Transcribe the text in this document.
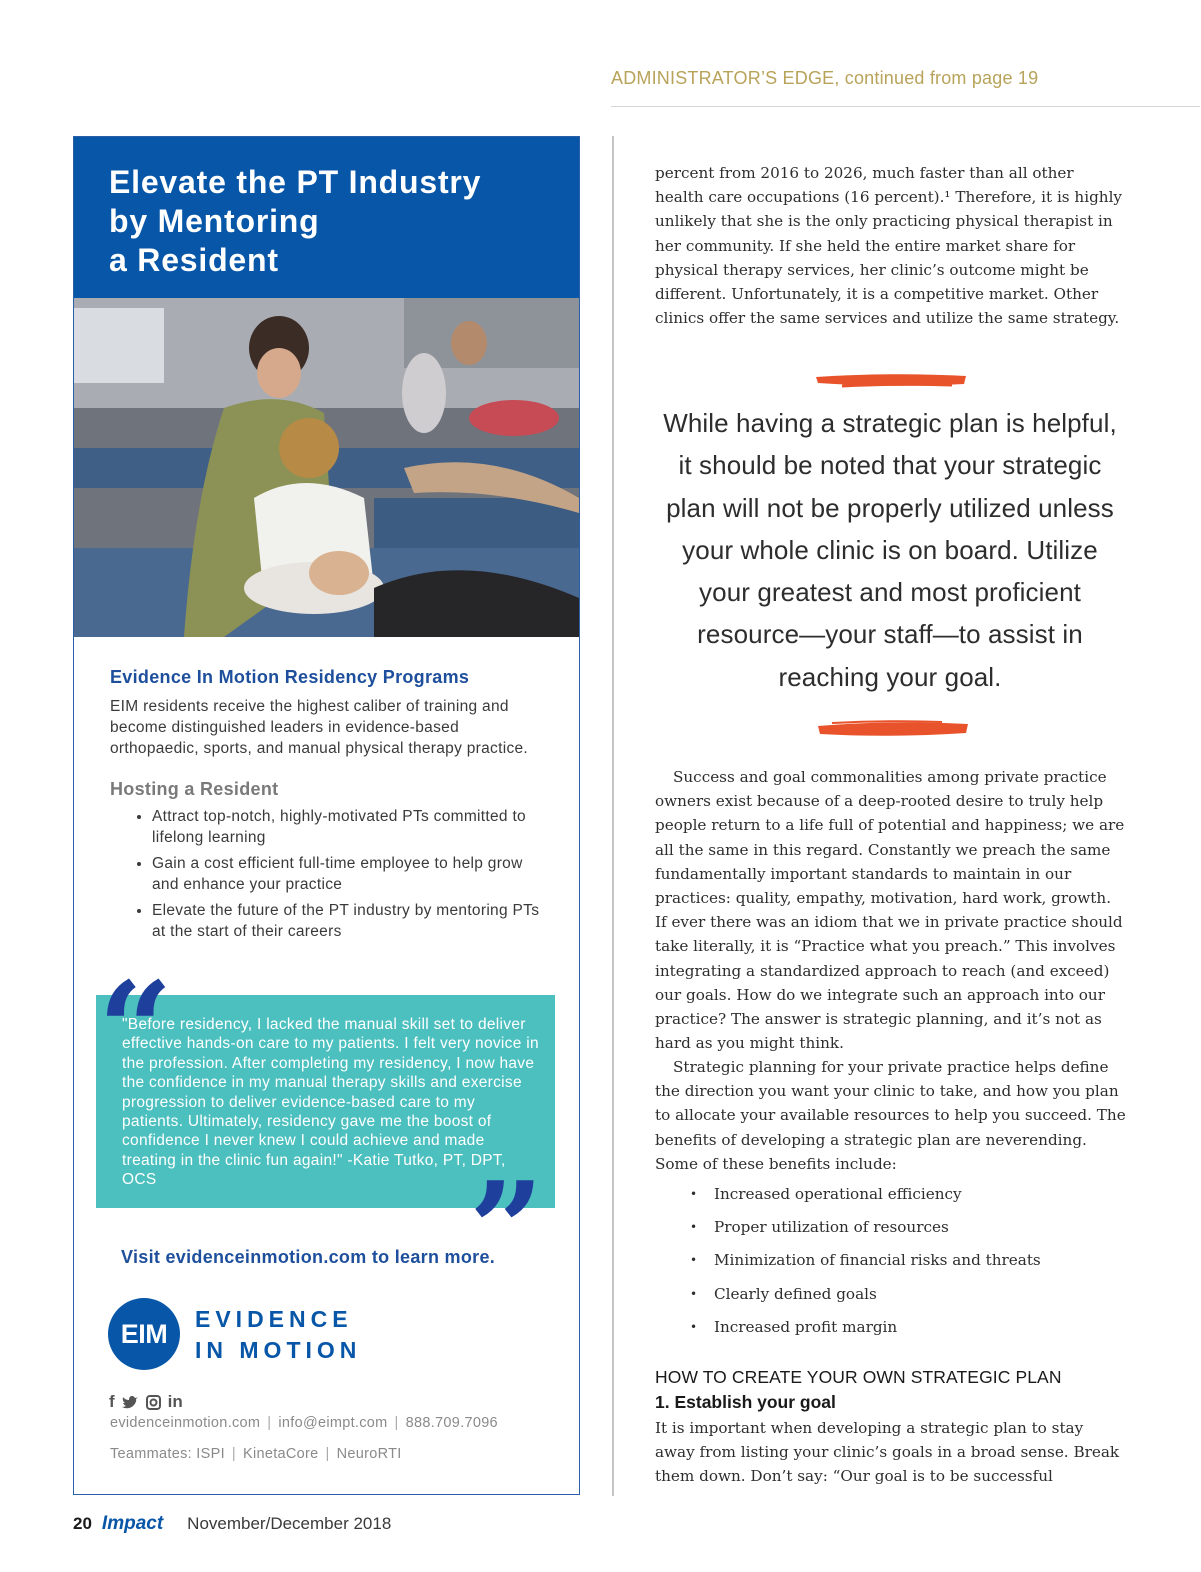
ADMINISTRATOR’S EDGE, continued from page 19
Elevate the PT Industry
by Mentoring
a Resident
Evidence In Motion Residency Programs
EIM residents receive the highest caliber of training and become distinguished leaders in evidence-based orthopaedic, sports, and manual physical therapy practice.
Hosting a Resident
• Attract top-notch, highly-motivated PTs committed to lifelong learning
• Gain a cost efficient full-time employee to help grow and enhance your practice
• Elevate the future of the PT industry by mentoring PTs at the start of their careers
"Before residency, I lacked the manual skill set to deliver effective hands-on care to my patients. I felt very novice in the profession. After completing my residency, I now have the confidence in my manual therapy skills and exercise progression to deliver evidence-based care to my patients. Ultimately, residency gave me the boost of confidence I never knew I could achieve and made treating in the clinic fun again!" -Katie Tutko, PT, DPT, OCS
“
”
Visit evidenceinmotion.com to learn more.
EIM	EVIDENCE
IN MOTION
f	in
evidenceinmotion.com | info@eimpt.com | 888.709.7096
Teammates: ISPI | KinetaCore | NeuroRTI
percent from 2016 to 2026, much faster than all other health care occupations (16 percent).¹ Therefore, it is highly unlikely that she is the only practicing physical therapist in her community. If she held the entire market share for physical therapy services, her clinic’s outcome might be different. Unfortunately, it is a competitive market. Other clinics offer the same services and utilize the same strategy.
While having a strategic plan is helpful, it should be noted that your strategic plan will not be properly utilized unless your whole clinic is on board. Utilize your greatest and most proficient resource—your staff—to assist in reaching your goal.
Success and goal commonalities among private practice owners exist because of a deep-rooted desire to truly help people return to a life full of potential and happiness; we are all the same in this regard. Constantly we preach the same fundamentally important standards to maintain in our practices: quality, empathy, motivation, hard work, growth. If ever there was an idiom that we in private practice should take literally, it is “Practice what you preach.” This involves integrating a standardized approach to reach (and exceed) our goals. How do we integrate such an approach into our practice? The answer is strategic planning, and it’s not as hard as you might think.
Strategic planning for your private practice helps define the direction you want your clinic to take, and how you plan to allocate your available resources to help you succeed. The benefits of developing a strategic plan are neverending. Some of these benefits include:
• Increased operational efficiency
• Proper utilization of resources
• Minimization of financial risks and threats
• Clearly defined goals
• Increased profit margin
HOW TO CREATE YOUR OWN STRATEGIC PLAN
1. Establish your goal
It is important when developing a strategic plan to stay away from listing your clinic’s goals in a broad sense. Break them down. Don’t say: “Our goal is to be successful
20 Impact November/December 2018
